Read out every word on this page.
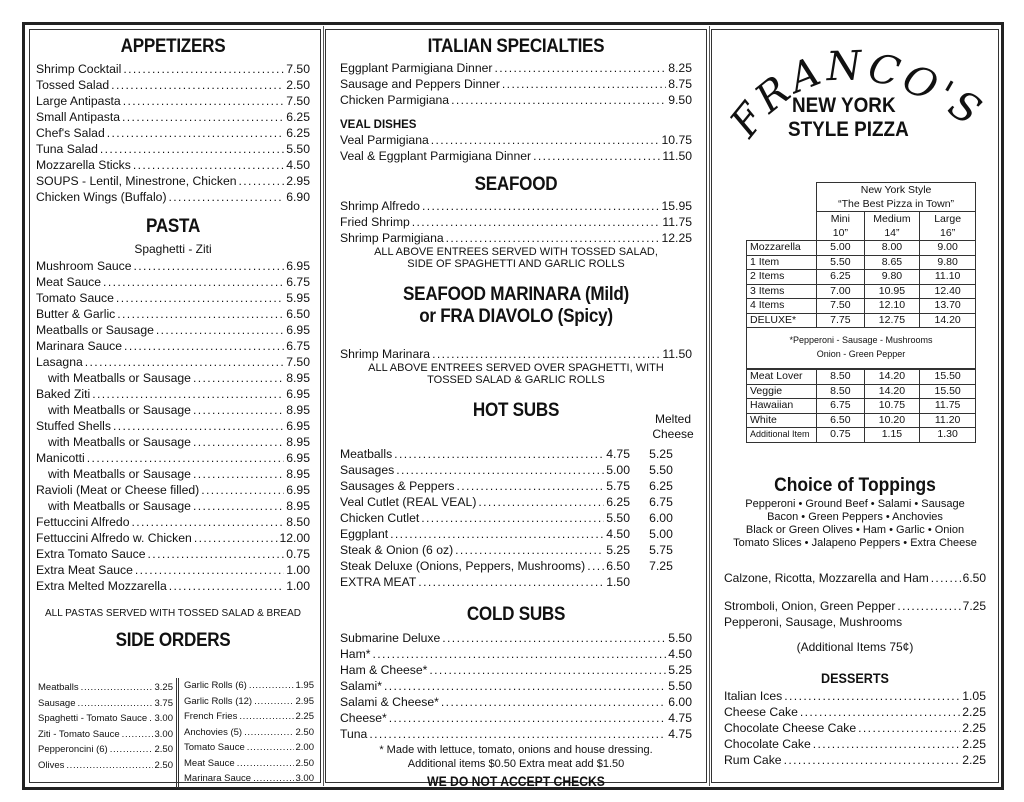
APPETIZERS
Shrimp Cocktail . . .	7.50
Tossed Salad . . .	2.50
Large Antipasta . . .	7.50
Small Antipasta . . .	6.25
Chef's Salad . . .	6.25
Tuna Salad . . .	5.50
Mozzarella Sticks . . .	4.50
SOUPS - Lentil, Minestrone, Chicken . . .	2.95
Chicken Wings (Buffalo) . . .	6.90
PASTA
Spaghetti - Ziti
Mushroom Sauce . . .	6.95
Meat Sauce . . .	6.75
Tomato Sauce . . .	5.95
Butter & Garlic . . .	6.50
Meatballs or Sausage . . .	6.95
Marinara Sauce . . .	6.75
Lasagna . . .	7.50
with Meatballs or Sausage . . .	8.95
Baked Ziti . . .	6.95
with Meatballs or Sausage . . .	8.95
Stuffed Shells . . .	6.95
with Meatballs or Sausage . . .	8.95
Manicotti . . .	6.95
with Meatballs or Sausage . . .	8.95
Ravioli (Meat or Cheese filled) . . .	6.95
with Meatballs or Sausage . . .	8.95
Fettuccini Alfredo . . .	8.50
Fettuccini Alfredo w. Chicken . . .	12.00
Extra Tomato Sauce . . .	0.75
Extra Meat Sauce . . .	1.00
Extra Melted Mozzarella . . .	1.00
ALL PASTAS SERVED WITH TOSSED SALAD & BREAD
SIDE ORDERS
Meatballs . . .	3.25
Sausage . . .	3.75
Spaghetti - Tomato Sauce . . . 3.00
Ziti - Tomato Sauce . . .	3.00
Pepperoncini (6) . . .	2.50
Olives . . .	2.50
Garlic Rolls (6) . . .	1.95
Garlic Rolls (12) . . .	2.95
French Fries . . .	2.25
Anchovies (5) . . .	2.50
Tomato Sauce . . .	2.00
Meat Sauce . . .	2.50
Marinara Sauce . . .	3.00
ITALIAN SPECIALTIES
Eggplant Parmigiana Dinner . . .	8.25
Sausage and Peppers Dinner . . .	8.75
Chicken Parmigiana . . .	9.50
VEAL DISHES
Veal Parmigiana . . .	10.75
Veal & Eggplant Parmigiana Dinner . . .	11.50
SEAFOOD
Shrimp Alfredo . . .	15.95
Fried Shrimp . . .	11.75
Shrimp Parmigiana . . .	12.25
ALL ABOVE ENTREES SERVED WITH TOSSED SALAD,
SIDE OF SPAGHETTI AND GARLIC ROLLS
SEAFOOD MARINARA (Mild)
or FRA DIAVOLO (Spicy)
Shrimp Marinara . . .	11.50
ALL ABOVE ENTREES SERVED OVER SPAGHETTI, WITH
TOSSED SALAD & GARLIC ROLLS
HOT SUBS	Melted
Cheese
Meatballs . . .	4.75	5.25
Sausages . . .	5.00	5.50
Sausages & Peppers . . .	5.75	6.25
Veal Cutlet (REAL VEAL) . . .	6.25	6.75
Chicken Cutlet . . .	5.50	6.00
Eggplant . . .	4.50	5.00
Steak & Onion (6 oz) . . .	5.25	5.75
Steak Deluxe (Onions, Peppers, Mushrooms) . . . 6.50	7.25
EXTRA MEAT . . .	1.50
COLD SUBS
Submarine Deluxe . . .	5.50
Ham* . . .	4.50
Ham & Cheese* . . .	5.25
Salami* . . .	5.50
Salami & Cheese* . . .	6.00
Cheese* . . .	4.75
Tuna . . .	4.75
* Made with lettuce, tomato, onions and house dressing.
Additional items $0.50 Extra meat add $1.50
WE DO NOT ACCEPT CHECKS
FRANCO'S
NEW YORK
STYLE PIZZA
	New York Style		
	“The Best Pizza in Town”		
	Mini	Medium	Large
	10”	14”	16”
Mozzarella	5.00	8.00	9.00
1 Item	5.50	8.65	9.80
2 Items	6.25	9.80	11.10
3 Items	7.00	10.95	12.40
4 Items	7.50	12.10	13.70
DELUXE*	7.75	12.75	14.20
*Pepperoni - Sausage - Mushrooms
Onion - Green Pepper
Meat Lover	8.50	14.20	15.50
Veggie	8.50	14.20	15.50
Hawaiian	6.75	10.75	11.75
White	6.50	10.20	11.20
Additional Item	0.75	1.15	1.30
Choice of Toppings
Pepperoni • Ground Beef • Salami • Sausage
Bacon • Green Peppers • Anchovies
Black or Green Olives • Ham • Garlic • Onion
Tomato Slices • Jalapeno Peppers • Extra Cheese
Calzone, Ricotta, Mozzarella and Ham . . .	6.50
Stromboli, Onion, Green Pepper . . .	7.25
Pepperoni, Sausage, Mushrooms
(Additional Items 75¢)
DESSERTS
Italian Ices . . .	1.05
Cheese Cake . . .	2.25
Chocolate Cheese Cake . . .	2.25
Chocolate Cake . . .	2.25
Rum Cake . . .	2.25
